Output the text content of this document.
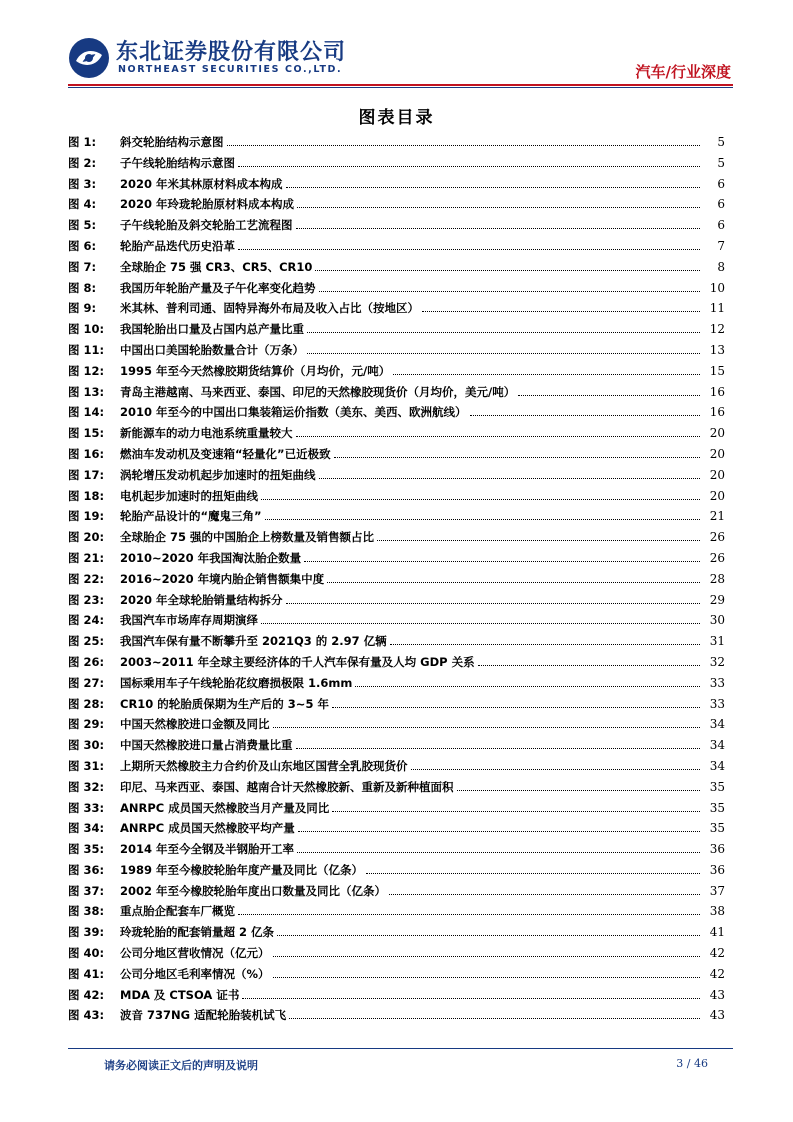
东北证券股份有限公司
NORTHEAST SECURITIES CO.,LTD.	汽车/行业深度
图表目录
图 1:	斜交轮胎结构示意图	5
图 2:	子午线轮胎结构示意图	5
图 3:	2020 年米其林原材料成本构成	6
图 4:	2020 年玲珑轮胎原材料成本构成	6
图 5:	子午线轮胎及斜交轮胎工艺流程图	6
图 6:	轮胎产品迭代历史沿革	7
图 7:	全球胎企 75 强 CR3、CR5、CR10	8
图 8:	我国历年轮胎产量及子午化率变化趋势	10
图 9:	米其林、普利司通、固特异海外布局及收入占比（按地区）	11
图 10:	我国轮胎出口量及占国内总产量比重	12
图 11:	中国出口美国轮胎数量合计（万条）	13
图 12:	1995 年至今天然橡胶期货结算价（月均价，元/吨）	15
图 13:	青岛主港越南、马来西亚、泰国、印尼的天然橡胶现货价（月均价，美元/吨）	16
图 14:	2010 年至今的中国出口集装箱运价指数（美东、美西、欧洲航线）	16
图 15:	新能源车的动力电池系统重量较大	20
图 16:	燃油车发动机及变速箱“轻量化”已近极致	20
图 17:	涡轮增压发动机起步加速时的扭矩曲线	20
图 18:	电机起步加速时的扭矩曲线	20
图 19:	轮胎产品设计的“魔鬼三角”	21
图 20:	全球胎企 75 强的中国胎企上榜数量及销售额占比	26
图 21:	2010~2020 年我国淘汰胎企数量	26
图 22:	2016~2020 年境内胎企销售额集中度	28
图 23:	2020 年全球轮胎销量结构拆分	29
图 24:	我国汽车市场库存周期演绎	30
图 25:	我国汽车保有量不断攀升至 2021Q3 的 2.97 亿辆	31
图 26:	2003~2011 年全球主要经济体的千人汽车保有量及人均 GDP 关系	32
图 27:	国标乘用车子午线轮胎花纹磨损极限 1.6mm	33
图 28:	CR10 的轮胎质保期为生产后的 3~5 年	33
图 29:	中国天然橡胶进口金额及同比	34
图 30:	中国天然橡胶进口量占消费量比重	34
图 31:	上期所天然橡胶主力合约价及山东地区国营全乳胶现货价	34
图 32:	印尼、马来西亚、泰国、越南合计天然橡胶新、重新及新种植面积	35
图 33:	ANRPC 成员国天然橡胶当月产量及同比	35
图 34:	ANRPC 成员国天然橡胶平均产量	35
图 35:	2014 年至今全钢及半钢胎开工率	36
图 36:	1989 年至今橡胶轮胎年度产量及同比（亿条）	36
图 37:	2002 年至今橡胶轮胎年度出口数量及同比（亿条）	37
图 38:	重点胎企配套车厂概览	38
图 39:	玲珑轮胎的配套销量超 2 亿条	41
图 40:	公司分地区营收情况（亿元）	42
图 41:	公司分地区毛利率情况（%）	42
图 42:	MDA 及 CTSOA 证书	43
图 43:	波音 737NG 适配轮胎装机试飞	43
请务必阅读正文后的声明及说明	3 / 46
